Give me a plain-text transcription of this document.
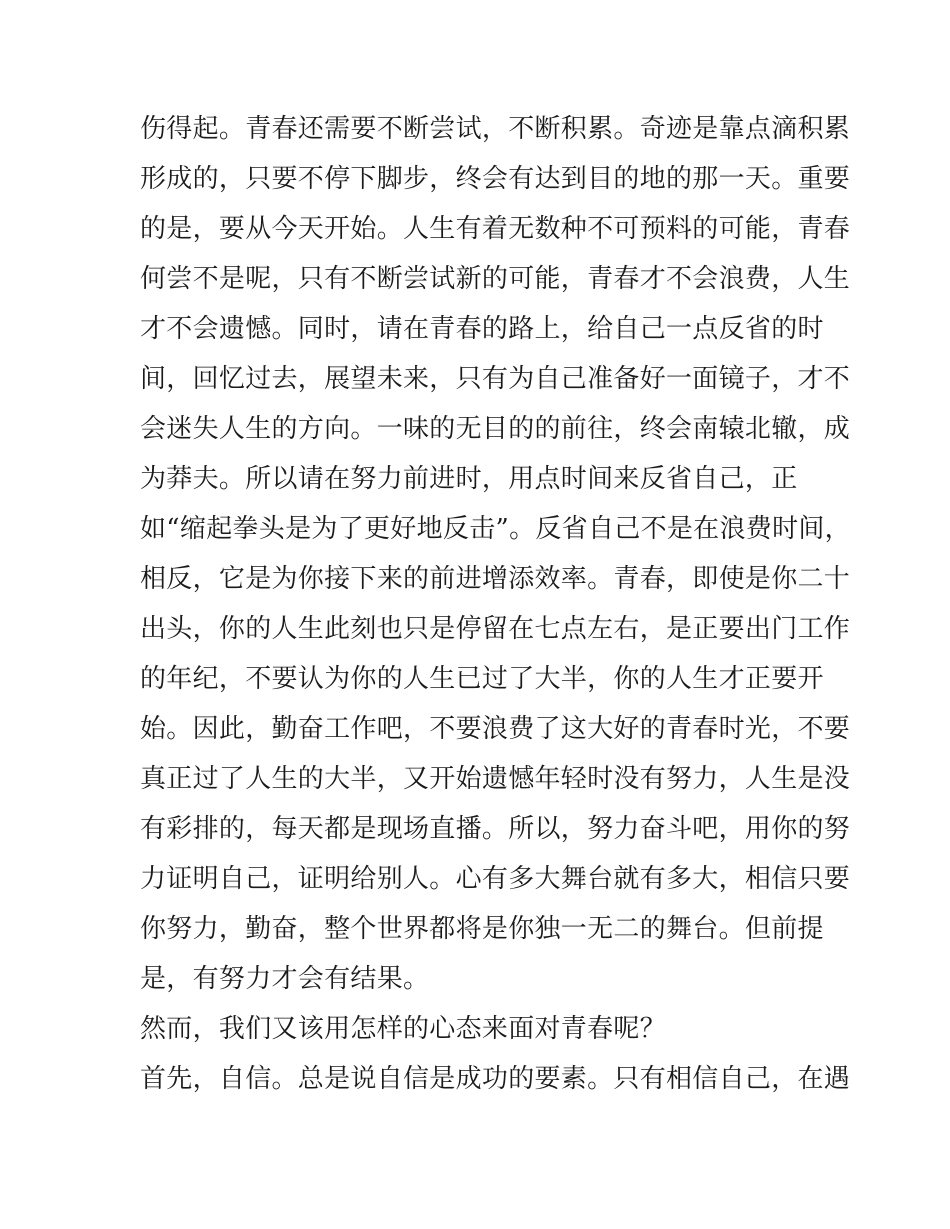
伤得起。青春还需要不断尝试，不断积累。奇迹是靠点滴积累
形成的，只要不停下脚步，终会有达到目的地的那一天。重要
的是，要从今天开始。人生有着无数种不可预料的可能，青春
何尝不是呢，只有不断尝试新的可能，青春才不会浪费，人生
才不会遗憾。同时，请在青春的路上，给自己一点反省的时
间，回忆过去，展望未来，只有为自己准备好一面镜子，才不
会迷失人生的方向。一味的无目的的前往，终会南辕北辙，成
为莽夫。所以请在努力前进时，用点时间来反省自己，正
如“缩起拳头是为了更好地反击”。反省自己不是在浪费时间，
相反，它是为你接下来的前进增添效率。青春，即使是你二十
出头，你的人生此刻也只是停留在七点左右，是正要出门工作
的年纪，不要认为你的人生已过了大半，你的人生才正要开
始。因此，勤奋工作吧，不要浪费了这大好的青春时光，不要
真正过了人生的大半，又开始遗憾年轻时没有努力，人生是没
有彩排的，每天都是现场直播。所以，努力奋斗吧，用你的努
力证明自己，证明给别人。心有多大舞台就有多大，相信只要
你努力，勤奋，整个世界都将是你独一无二的舞台。但前提
是，有努力才会有结果。
然而，我们又该用怎样的心态来面对青春呢？
首先，自信。总是说自信是成功的要素。只有相信自己，在遇
